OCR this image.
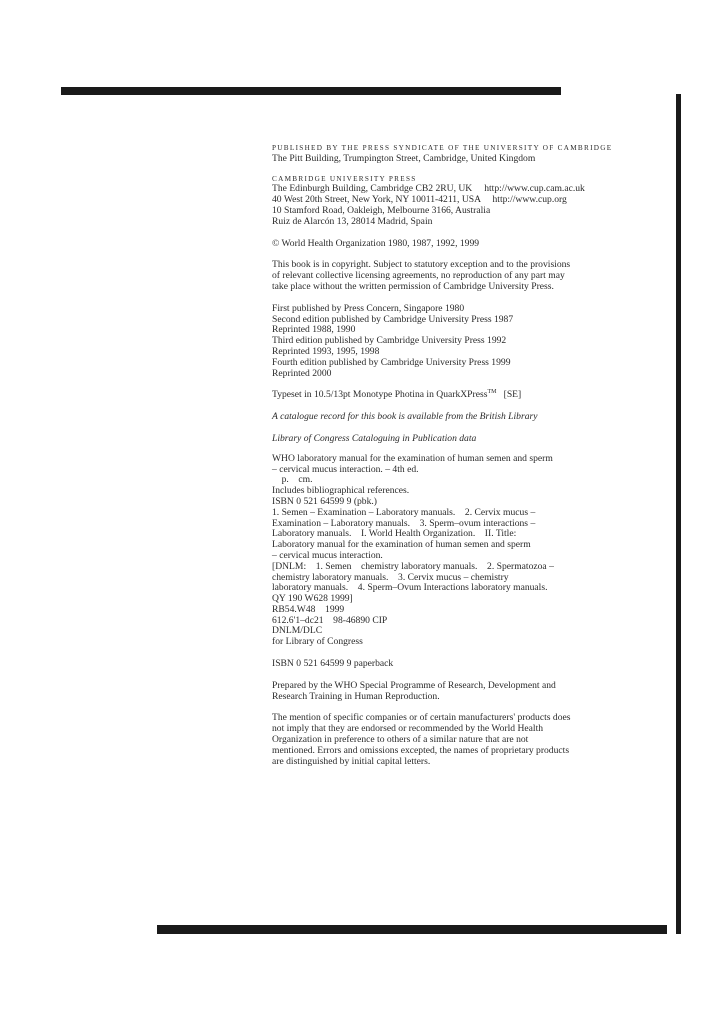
PUBLISHED BY THE PRESS SYNDICATE OF THE UNIVERSITY OF CAMBRIDGE
The Pitt Building, Trumpington Street, Cambridge, United Kingdom
CAMBRIDGE UNIVERSITY PRESS
The Edinburgh Building, Cambridge CB2 2RU, UK     http://www.cup.cam.ac.uk
40 West 20th Street, New York, NY 10011-4211, USA     http://www.cup.org
10 Stamford Road, Oakleigh, Melbourne 3166, Australia
Ruiz de Alarcón 13, 28014 Madrid, Spain
© World Health Organization 1980, 1987, 1992, 1999
This book is in copyright. Subject to statutory exception and to the provisions
of relevant collective licensing agreements, no reproduction of any part may
take place without the written permission of Cambridge University Press.
First published by Press Concern, Singapore 1980
Second edition published by Cambridge University Press 1987
Reprinted 1988, 1990
Third edition published by Cambridge University Press 1992
Reprinted 1993, 1995, 1998
Fourth edition published by Cambridge University Press 1999
Reprinted 2000
Typeset in 10.5/13pt Monotype Photina in QuarkXPress™   [SE]
A catalogue record for this book is available from the British Library
Library of Congress Cataloguing in Publication data
WHO laboratory manual for the examination of human semen and sperm
– cervical mucus interaction. – 4th ed.
p.    cm.
Includes bibliographical references.
ISBN 0 521 64599 9 (pbk.)
1. Semen – Examination – Laboratory manuals.    2. Cervix mucus –
Examination – Laboratory manuals.    3. Sperm–ovum interactions –
Laboratory manuals.    I. World Health Organization.    II. Title:
Laboratory manual for the examination of human semen and sperm
– cervical mucus interaction.
[DNLM:    1. Semen    chemistry laboratory manuals.    2. Spermatozoa –
chemistry laboratory manuals.    3. Cervix mucus – chemistry
laboratory manuals.    4. Sperm–Ovum Interactions laboratory manuals.
QY 190 W628 1999]
RB54.W48    1999
612.6'1–dc21    98-46890 CIP
DNLM/DLC
for Library of Congress
ISBN 0 521 64599 9 paperback
Prepared by the WHO Special Programme of Research, Development and
Research Training in Human Reproduction.
The mention of specific companies or of certain manufacturers' products does
not imply that they are endorsed or recommended by the World Health
Organization in preference to others of a similar nature that are not
mentioned. Errors and omissions excepted, the names of proprietary products
are distinguished by initial capital letters.
